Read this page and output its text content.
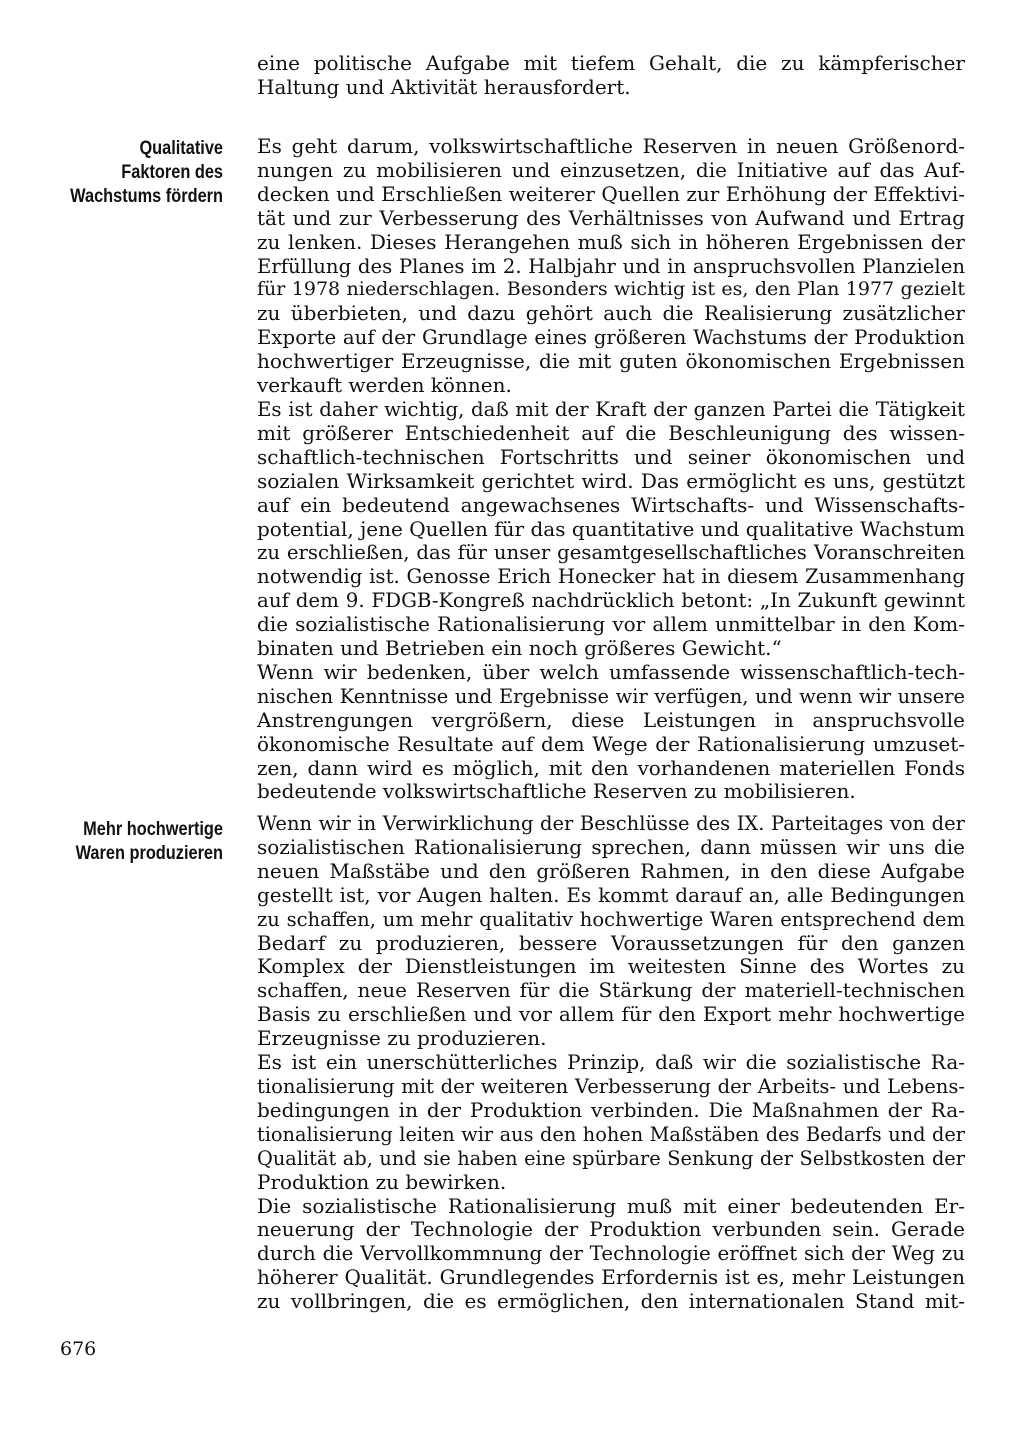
eine politische Aufgabe mit tiefem Gehalt, die zu kämpferischer
Haltung und Aktivität herausfordert.
Qualitative
Faktoren des
Wachstums fördern
Es geht darum, volkswirtschaftliche Reserven in neuen Größenord-
nungen zu mobilisieren und einzusetzen, die Initiative auf das Auf-
decken und Erschließen weiterer Quellen zur Erhöhung der Effektivi-
tät und zur Verbesserung des Verhältnisses von Aufwand und Ertrag
zu lenken. Dieses Herangehen muß sich in höheren Ergebnissen der
Erfüllung des Planes im 2. Halbjahr und in anspruchsvollen Planzielen
für 1978 niederschlagen. Besonders wichtig ist es, den Plan 1977 gezielt
zu überbieten, und dazu gehört auch die Realisierung zusätzlicher
Exporte auf der Grundlage eines größeren Wachstums der Produktion
hochwertiger Erzeugnisse, die mit guten ökonomischen Ergebnissen
verkauft werden können.
Es ist daher wichtig, daß mit der Kraft der ganzen Partei die Tätigkeit
mit größerer Entschiedenheit auf die Beschleunigung des wissen-
schaftlich-technischen Fortschritts und seiner ökonomischen und
sozialen Wirksamkeit gerichtet wird. Das ermöglicht es uns, gestützt
auf ein bedeutend angewachsenes Wirtschafts- und Wissenschafts-
potential, jene Quellen für das quantitative und qualitative Wachstum
zu erschließen, das für unser gesamtgesellschaftliches Voranschreiten
notwendig ist. Genosse Erich Honecker hat in diesem Zusammenhang
auf dem 9. FDGB-Kongreß nachdrücklich betont: „In Zukunft gewinnt
die sozialistische Rationalisierung vor allem unmittelbar in den Kom-
binaten und Betrieben ein noch größeres Gewicht.“
Wenn wir bedenken, über welch umfassende wissenschaftlich-tech-
nischen Kenntnisse und Ergebnisse wir verfügen, und wenn wir unsere
Anstrengungen vergrößern, diese Leistungen in anspruchsvolle
ökonomische Resultate auf dem Wege der Rationalisierung umzuset-
zen, dann wird es möglich, mit den vorhandenen materiellen Fonds
bedeutende volkswirtschaftliche Reserven zu mobilisieren.
Mehr hochwertige
Waren produzieren
Wenn wir in Verwirklichung der Beschlüsse des IX. Parteitages von der
sozialistischen Rationalisierung sprechen, dann müssen wir uns die
neuen Maßstäbe und den größeren Rahmen, in den diese Aufgabe
gestellt ist, vor Augen halten. Es kommt darauf an, alle Bedingungen
zu schaffen, um mehr qualitativ hochwertige Waren entsprechend dem
Bedarf zu produzieren, bessere Voraussetzungen für den ganzen
Komplex der Dienstleistungen im weitesten Sinne des Wortes zu
schaffen, neue Reserven für die Stärkung der materiell-technischen
Basis zu erschließen und vor allem für den Export mehr hochwertige
Erzeugnisse zu produzieren.
Es ist ein unerschütterliches Prinzip, daß wir die sozialistische Ra-
tionalisierung mit der weiteren Verbesserung der Arbeits- und Lebens-
bedingungen in der Produktion verbinden. Die Maßnahmen der Ra-
tionalisierung leiten wir aus den hohen Maßstäben des Bedarfs und der
Qualität ab, und sie haben eine spürbare Senkung der Selbstkosten der
Produktion zu bewirken.
Die sozialistische Rationalisierung muß mit einer bedeutenden Er-
neuerung der Technologie der Produktion verbunden sein. Gerade
durch die Vervollkommnung der Technologie eröffnet sich der Weg zu
höherer Qualität. Grundlegendes Erfordernis ist es, mehr Leistungen
zu vollbringen, die es ermöglichen, den internationalen Stand mit-
676
